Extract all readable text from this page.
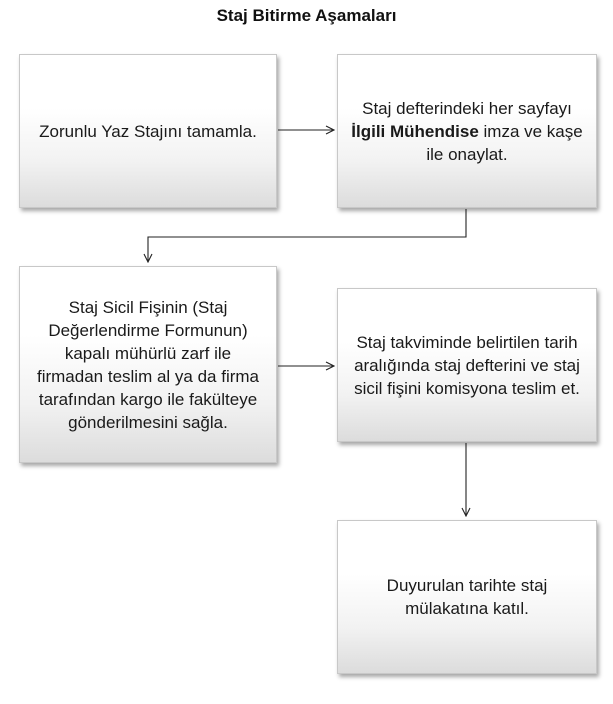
Staj Bitirme Aşamaları
Zorunlu Yaz Stajını tamamla.
Staj defterindeki her sayfayı İlgili Mühendise imza ve kaşe ile onaylat.
Staj Sicil Fişinin (Staj Değerlendirme Formunun) kapalı mühürlü zarf ile firmadan teslim al ya da firma tarafından kargo ile fakülteye gönderilmesini sağla.
Staj takviminde belirtilen tarih aralığında staj defterini ve staj sicil fişini komisyona teslim et.
Duyurulan tarihte staj mülakatına katıl.
